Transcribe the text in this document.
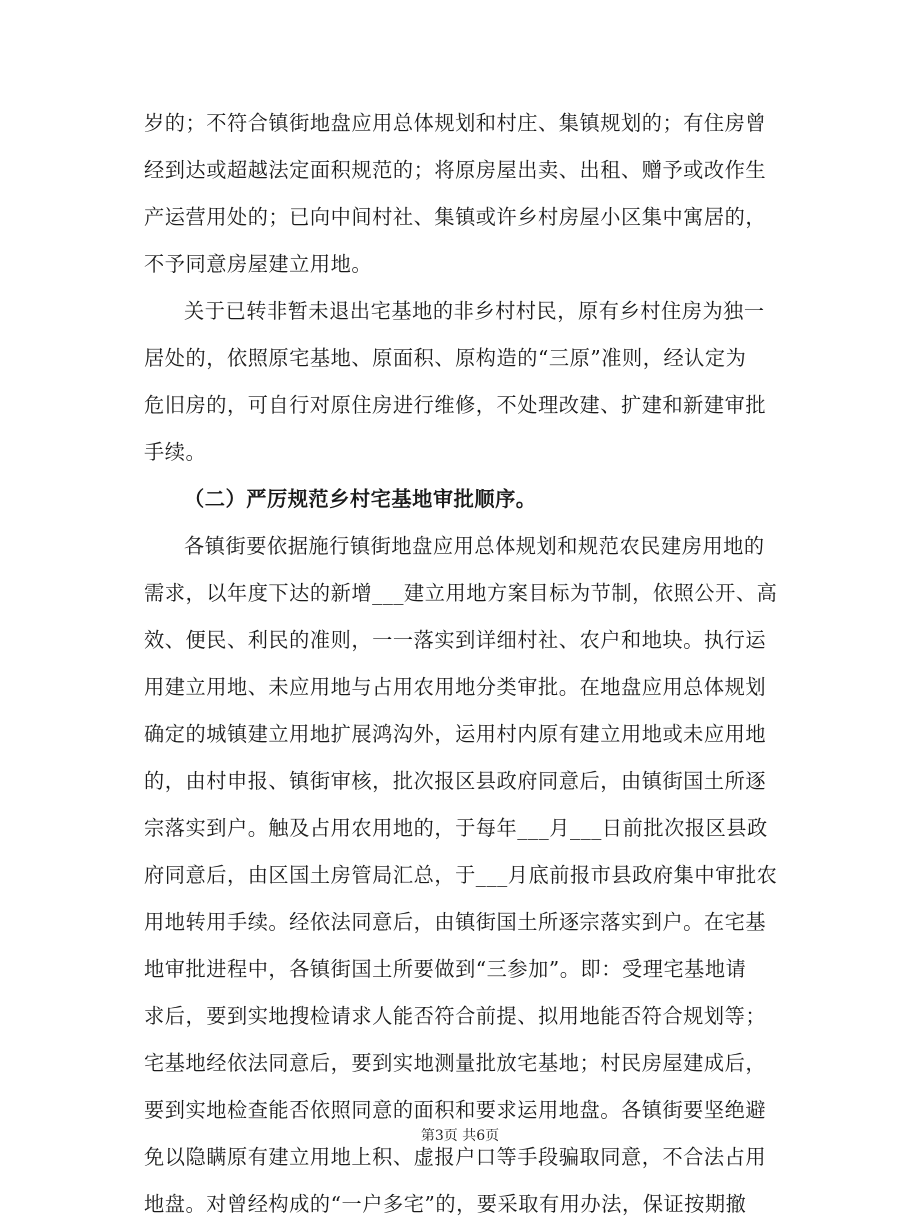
岁的；不符合镇街地盘应用总体规划和村庄、集镇规划的；有住房曾
经到达或超越法定面积规范的；将原房屋出卖、出租、赠予或改作生
产运营用处的；已向中间村社、集镇或许乡村房屋小区集中寓居的，
不予同意房屋建立用地。
关于已转非暂未退出宅基地的非乡村村民，原有乡村住房为独一
居处的，依照原宅基地、原面积、原构造的“三原”准则，经认定为
危旧房的，可自行对原住房进行维修，不处理改建、扩建和新建审批
手续。
（二）严厉规范乡村宅基地审批顺序。
各镇街要依据施行镇街地盘应用总体规划和规范农民建房用地的
需求，以年度下达的新增___建立用地方案目标为节制，依照公开、高
效、便民、利民的准则，一一落实到详细村社、农户和地块。执行运
用建立用地、未应用地与占用农用地分类审批。在地盘应用总体规划
确定的城镇建立用地扩展鸿沟外，运用村内原有建立用地或未应用地
的，由村申报、镇街审核，批次报区县政府同意后，由镇街国土所逐
宗落实到户。触及占用农用地的，于每年___月___日前批次报区县政
府同意后，由区国土房管局汇总，于___月底前报市县政府集中审批农
用地转用手续。经依法同意后，由镇街国土所逐宗落实到户。在宅基
地审批进程中，各镇街国土所要做到“三参加”。即：受理宅基地请
求后，要到实地搜检请求人能否符合前提、拟用地能否符合规划等；
宅基地经依法同意后，要到实地测量批放宅基地；村民房屋建成后，
要到实地检查能否依照同意的面积和要求运用地盘。各镇街要坚绝避
免以隐瞒原有建立用地上积、虚报户口等手段骗取同意，不合法占用
地盘。对曾经构成的“一户多宅”的，要采取有用办法，保证按期撤
第3页 共6页
